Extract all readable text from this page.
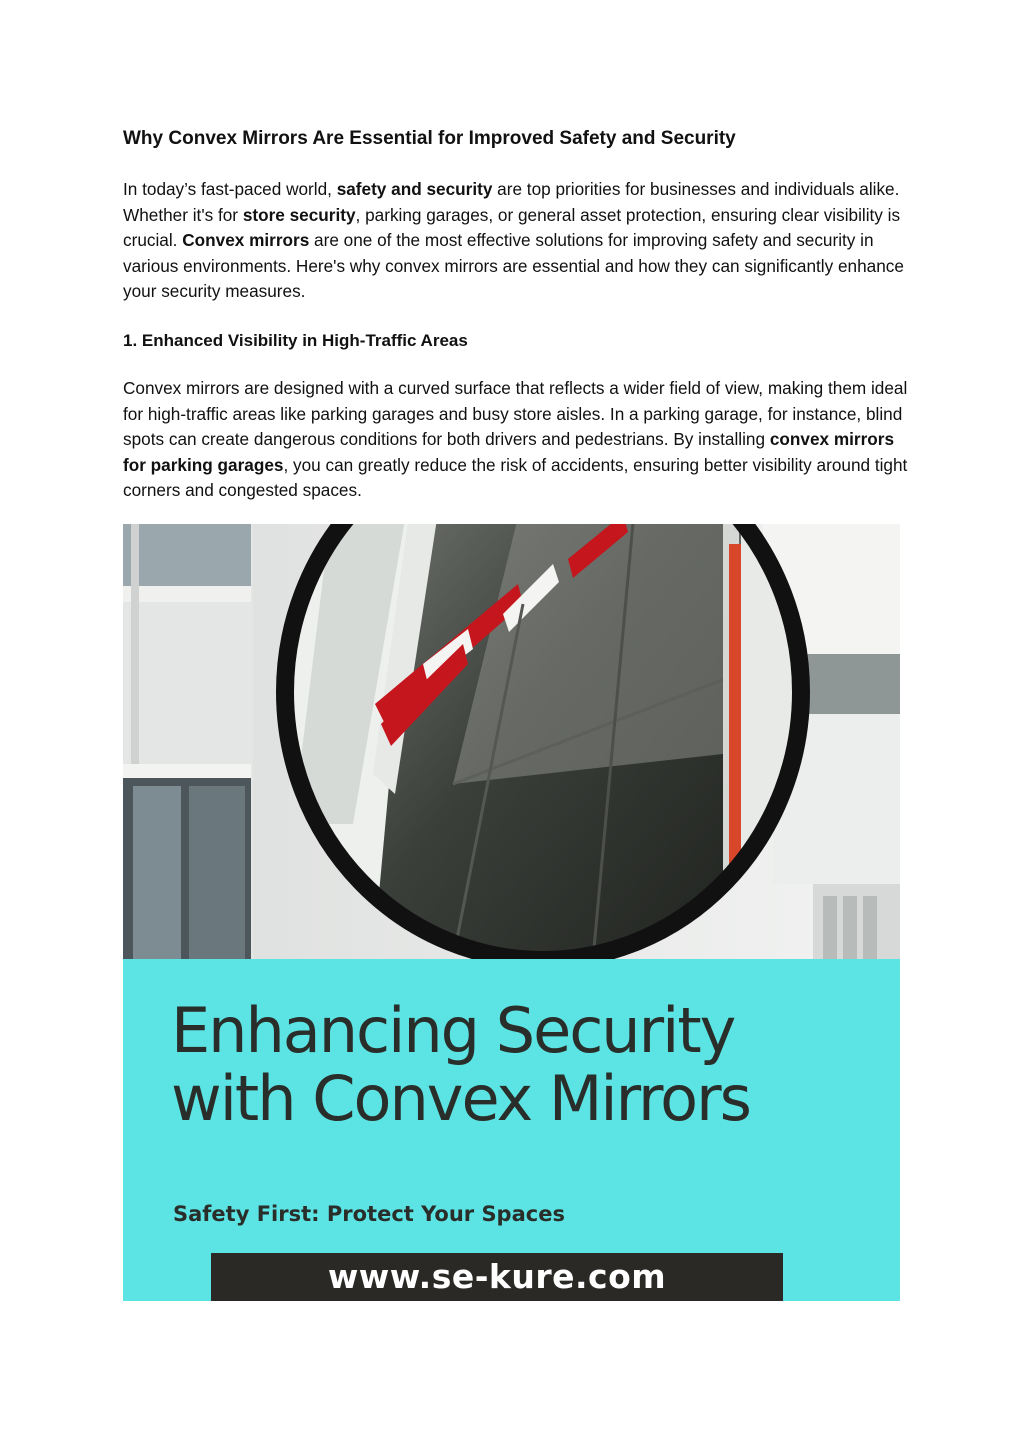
Why Convex Mirrors Are Essential for Improved Safety and Security

In today’s fast-paced world, safety and security are top priorities for businesses and individuals alike. Whether it's for store security, parking garages, or general asset protection, ensuring clear visibility is crucial. Convex mirrors are one of the most effective solutions for improving safety and security in various environments. Here's why convex mirrors are essential and how they can significantly enhance your security measures.

1. Enhanced Visibility in High-Traffic Areas

Convex mirrors are designed with a curved surface that reflects a wider field of view, making them ideal for high-traffic areas like parking garages and busy store aisles. In a parking garage, for instance, blind spots can create dangerous conditions for both drivers and pedestrians. By installing convex mirrors for parking garages, you can greatly reduce the risk of accidents, ensuring better visibility around tight corners and congested spaces.

Enhancing Security
with Convex Mirrors
Safety First: Protect Your Spaces
www.se-kure.com
